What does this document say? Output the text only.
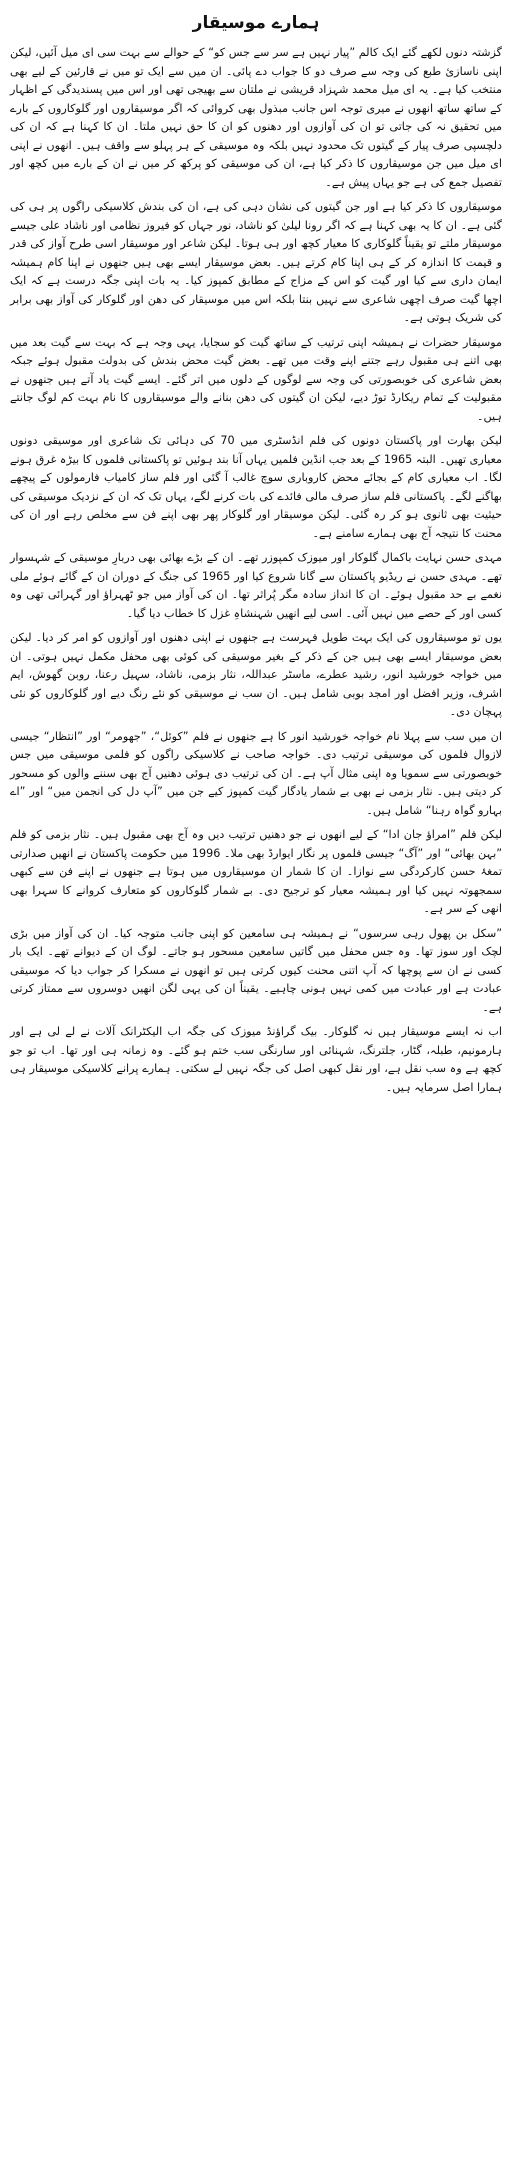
ہمارے موسیقار

گزشتہ دنوں لکھے گئے ایک کالم ”پیار نہیں ہے سر سے جس کو“ کے حوالے سے بہت سی ای میل آئیں، لیکن اپنی ناسازیٔ طبع کی وجہ سے صرف دو کا جواب دے پائی۔ ان میں سے ایک تو میں نے قارئین کے لیے بھی منتخب کیا ہے۔ یہ ای میل محمد شہزاد قریشی نے ملتان سے بھیجی تھی اور اس میں پسندیدگی کے اظہار کے ساتھ ساتھ انھوں نے میری توجہ اس جانب مبذول بھی کروائی کہ اگر موسیقاروں اور گلوکاروں کے بارے میں تحقیق نہ کی جاتی تو ان کی آوازوں اور دھنوں کو ان کا حق نہیں ملتا۔ ان کا کہنا ہے کہ ان کی دلچسپی صرف پیار کے گیتوں تک محدود نہیں بلکہ وہ موسیقی کے ہر پہلو سے واقف ہیں۔ انھوں نے اپنی ای میل میں جن موسیقاروں کا ذکر کیا ہے، ان کی موسیقی کو پرکھ کر میں نے ان کے بارے میں کچھ اور تفصیل جمع کی ہے جو یہاں پیش ہے۔

موسیقاروں کا ذکر کیا ہے اور جن گیتوں کی نشان دہی کی ہے، ان کی بندش کلاسیکی راگوں پر ہی کی گئی ہے۔ ان کا یہ بھی کہنا ہے کہ اگر رونا لیلیٰ کو ناشاد، نور جہاں کو فیروز نظامی اور ناشاد علی جیسے موسیقار ملتے تو یقیناً گلوکاری کا معیار کچھ اور ہی ہوتا۔ لیکن شاعر اور موسیقار اسی طرح آواز کی قدر و قیمت کا اندازہ کر کے ہی اپنا کام کرتے ہیں۔ بعض موسیقار ایسے بھی ہیں جنھوں نے اپنا کام ہمیشہ ایمان داری سے کیا اور گیت کو اس کے مزاج کے مطابق کمپوز کیا۔ یہ بات اپنی جگہ درست ہے کہ ایک اچھا گیت صرف اچھی شاعری سے نہیں بنتا بلکہ اس میں موسیقار کی دھن اور گلوکار کی آواز بھی برابر کی شریک ہوتی ہے۔

موسیقار حضرات نے ہمیشہ اپنی ترتیب کے ساتھ گیت کو سجایا، یہی وجہ ہے کہ بہت سے گیت بعد میں بھی اتنے ہی مقبول رہے جتنے اپنے وقت میں تھے۔ بعض گیت محض بندش کی بدولت مقبول ہوئے جبکہ بعض شاعری کی خوبصورتی کی وجہ سے لوگوں کے دلوں میں اتر گئے۔ ایسے گیت یاد آتے ہیں جنھوں نے مقبولیت کے تمام ریکارڈ توڑ دیے، لیکن ان گیتوں کی دھن بنانے والے موسیقاروں کا نام بہت کم لوگ جانتے ہیں۔

لیکن بھارت اور پاکستان دونوں کی فلم انڈسٹری میں 70 کی دہائی تک شاعری اور موسیقی دونوں معیاری تھیں۔ البتہ 1965 کے بعد جب انڈین فلمیں یہاں آنا بند ہوئیں تو پاکستانی فلموں کا بیڑہ غرق ہونے لگا۔ اب معیاری کام کے بجائے محض کاروباری سوچ غالب آ گئی اور فلم ساز کامیاب فارمولوں کے پیچھے بھاگنے لگے۔ پاکستانی فلم ساز صرف مالی فائدے کی بات کرنے لگے، یہاں تک کہ ان کے نزدیک موسیقی کی حیثیت بھی ثانوی ہو کر رہ گئی۔ لیکن موسیقار اور گلوکار پھر بھی اپنے فن سے مخلص رہے اور ان کی محنت کا نتیجہ آج بھی ہمارے سامنے ہے۔

مہدی حسن نہایت باکمال گلوکار اور میوزک کمپوزر تھے۔ ان کے بڑے بھائی بھی دربارِ موسیقی کے شہسوار تھے۔ مہدی حسن نے ریڈیو پاکستان سے گانا شروع کیا اور 1965 کی جنگ کے دوران ان کے گائے ہوئے ملی نغمے بے حد مقبول ہوئے۔ ان کا انداز سادہ مگر پُراثر تھا۔ ان کی آواز میں جو ٹھہراؤ اور گہرائی تھی وہ کسی اور کے حصے میں نہیں آئی۔ اسی لیے انھیں شہنشاہِ غزل کا خطاب دیا گیا۔

یوں تو موسیقاروں کی ایک بہت طویل فہرست ہے جنھوں نے اپنی دھنوں اور آوازوں کو امر کر دیا۔ لیکن بعض موسیقار ایسے بھی ہیں جن کے ذکر کے بغیر موسیقی کی کوئی بھی محفل مکمل نہیں ہوتی۔ ان میں خواجہ خورشید انور، رشید عطرے، ماسٹر عبداللہ، نثار بزمی، ناشاد، سہیل رعنا، روبن گھوش، ایم اشرف، وزیر افضل اور امجد بوبی شامل ہیں۔ ان سب نے موسیقی کو نئے رنگ دیے اور گلوکاروں کو نئی پہچان دی۔

ان میں سب سے پہلا نام خواجہ خورشید انور کا ہے جنھوں نے فلم ”کوئل“، ”جھومر“ اور ”انتظار“ جیسی لازوال فلموں کی موسیقی ترتیب دی۔ خواجہ صاحب نے کلاسیکی راگوں کو فلمی موسیقی میں جس خوبصورتی سے سمویا وہ اپنی مثال آپ ہے۔ ان کی ترتیب دی ہوئی دھنیں آج بھی سننے والوں کو مسحور کر دیتی ہیں۔ نثار بزمی نے بھی بے شمار یادگار گیت کمپوز کیے جن میں ”آپ دل کی انجمن میں“ اور ”اے بہارو گواہ رہنا“ شامل ہیں۔

لیکن فلم ”امراؤ جان ادا“ کے لیے انھوں نے جو دھنیں ترتیب دیں وہ آج بھی مقبول ہیں۔ نثار بزمی کو فلم ”بہن بھائی“ اور ”آگ“ جیسی فلموں پر نگار ایوارڈ بھی ملا۔ 1996 میں حکومت پاکستان نے انھیں صدارتی تمغۂ حسن کارکردگی سے نوازا۔ ان کا شمار ان موسیقاروں میں ہوتا ہے جنھوں نے اپنے فن سے کبھی سمجھوتہ نہیں کیا اور ہمیشہ معیار کو ترجیح دی۔ بے شمار گلوکاروں کو متعارف کروانے کا سہرا بھی انھی کے سر ہے۔

”سکل بن پھول رہی سرسوں“ نے ہمیشہ ہی سامعین کو اپنی جانب متوجہ کیا۔ ان کی آواز میں بڑی لچک اور سوز تھا۔ وہ جس محفل میں گاتیں سامعین مسحور ہو جاتے۔ لوگ ان کے دیوانے تھے۔ ایک بار کسی نے ان سے پوچھا کہ آپ اتنی محنت کیوں کرتی ہیں تو انھوں نے مسکرا کر جواب دیا کہ موسیقی عبادت ہے اور عبادت میں کمی نہیں ہونی چاہیے۔ یقیناً ان کی یہی لگن انھیں دوسروں سے ممتاز کرتی ہے۔

اب نہ ایسے موسیقار ہیں نہ گلوکار۔ بیک گراؤنڈ میوزک کی جگہ اب الیکٹرانک آلات نے لے لی ہے اور ہارمونیم، طبلہ، گٹار، جلترنگ، شہنائی اور سارنگی سب ختم ہو گئے۔ وہ زمانہ ہی اور تھا۔ اب تو جو کچھ ہے وہ سب نقل ہے، اور نقل کبھی اصل کی جگہ نہیں لے سکتی۔ ہمارے پرانے کلاسیکی موسیقار ہی ہمارا اصل سرمایہ ہیں۔
